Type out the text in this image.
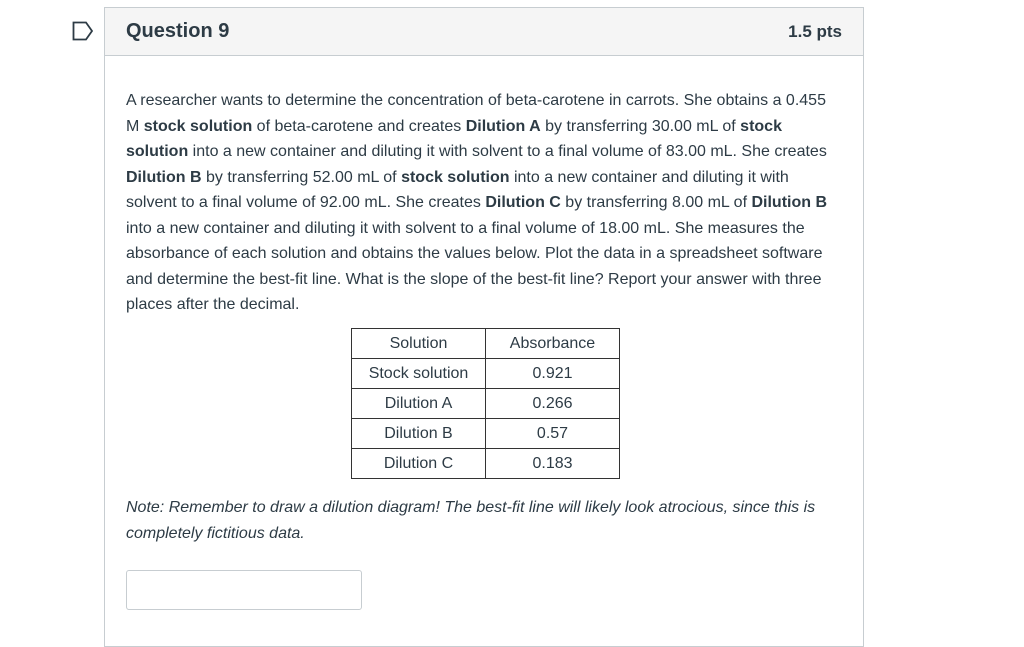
Question 9	1.5 pts
A researcher wants to determine the concentration of beta-carotene in carrots. She obtains a 0.455 M stock solution of beta-carotene and creates Dilution A by transferring 30.00 mL of stock solution into a new container and diluting it with solvent to a final volume of 83.00 mL. She creates Dilution B by transferring 52.00 mL of stock solution into a new container and diluting it with solvent to a final volume of 92.00 mL. She creates Dilution C by transferring 8.00 mL of Dilution B into a new container and diluting it with solvent to a final volume of 18.00 mL. She measures the absorbance of each solution and obtains the values below. Plot the data in a spreadsheet software and determine the best-fit line. What is the slope of the best-fit line? Report your answer with three places after the decimal.
Solution	Absorbance
Stock solution	0.921
Dilution A	0.266
Dilution B	0.57
Dilution C	0.183
Note: Remember to draw a dilution diagram! The best-fit line will likely look atrocious, since this is completely fictitious data.
